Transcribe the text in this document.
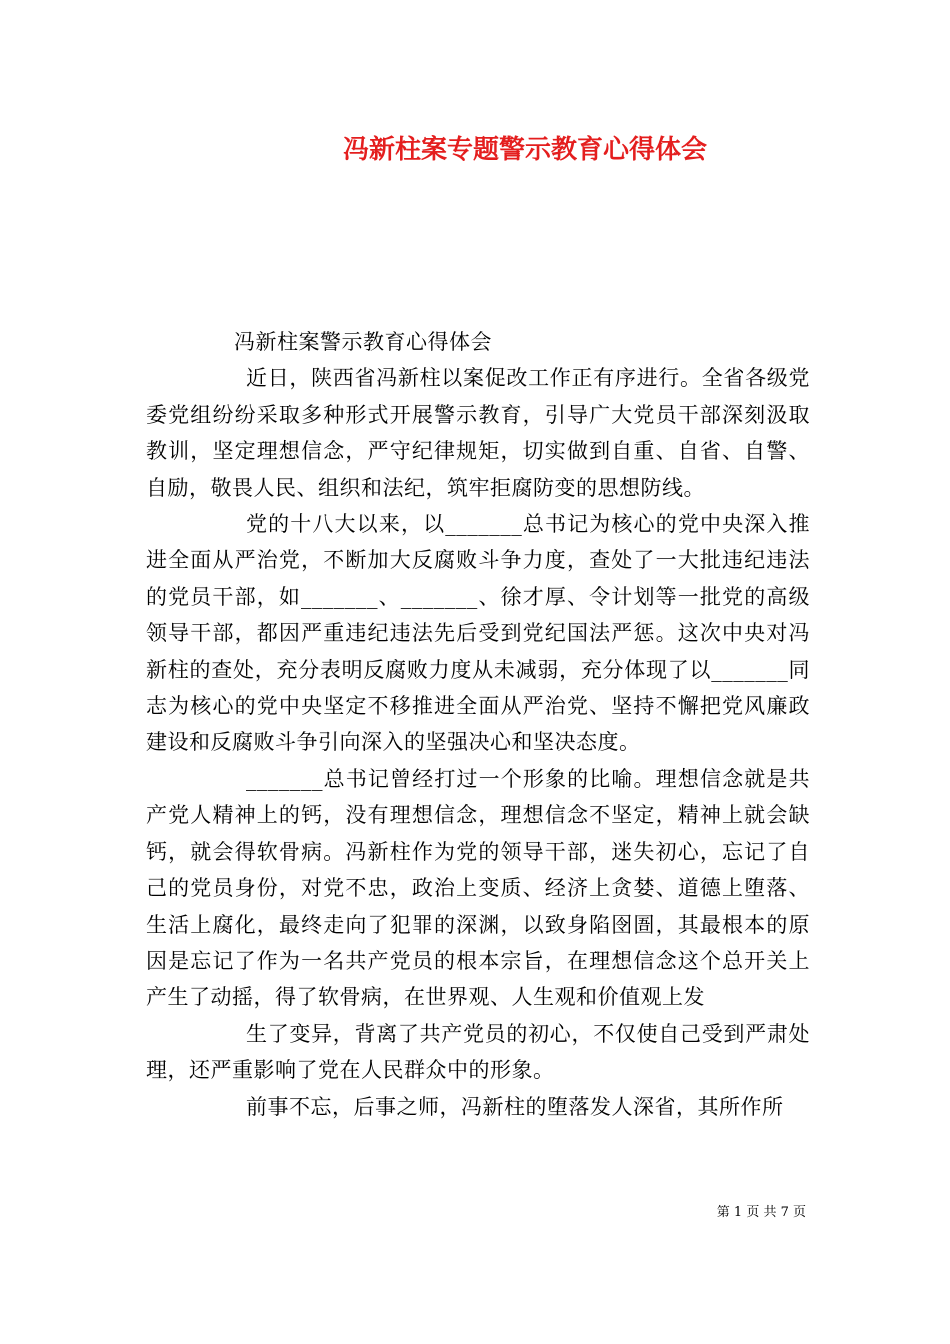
冯新柱案专题警示教育心得体会

冯新柱案警示教育心得体会

近日，陕西省冯新柱以案促改工作正有序进行。全省各级党委党组纷纷采取多种形式开展警示教育，引导广大党员干部深刻汲取教训，坚定理想信念，严守纪律规矩，切实做到自重、自省、自警、自励，敬畏人民、组织和法纪，筑牢拒腐防变的思想防线。

党的十八大以来，以_______总书记为核心的党中央深入推进全面从严治党，不断加大反腐败斗争力度，查处了一大批违纪违法的党员干部，如_______、_______、徐才厚、令计划等一批党的高级领导干部，都因严重违纪违法先后受到党纪国法严惩。这次中央对冯新柱的查处，充分表明反腐败力度从未减弱，充分体现了以_______同志为核心的党中央坚定不移推进全面从严治党、坚持不懈把党风廉政建设和反腐败斗争引向深入的坚强决心和坚决态度。

_______总书记曾经打过一个形象的比喻。理想信念就是共产党人精神上的钙，没有理想信念，理想信念不坚定，精神上就会缺钙，就会得软骨病。冯新柱作为党的领导干部，迷失初心，忘记了自己的党员身份，对党不忠，政治上变质、经济上贪婪、道德上堕落、生活上腐化，最终走向了犯罪的深渊，以致身陷囹圄，其最根本的原因是忘记了作为一名共产党员的根本宗旨，在理想信念这个总开关上产生了动摇，得了软骨病，在世界观、人生观和价值观上发

生了变异，背离了共产党员的初心，不仅使自己受到严肃处理，还严重影响了党在人民群众中的形象。

前事不忘，后事之师，冯新柱的堕落发人深省，其所作所

第 1 页 共 7 页
